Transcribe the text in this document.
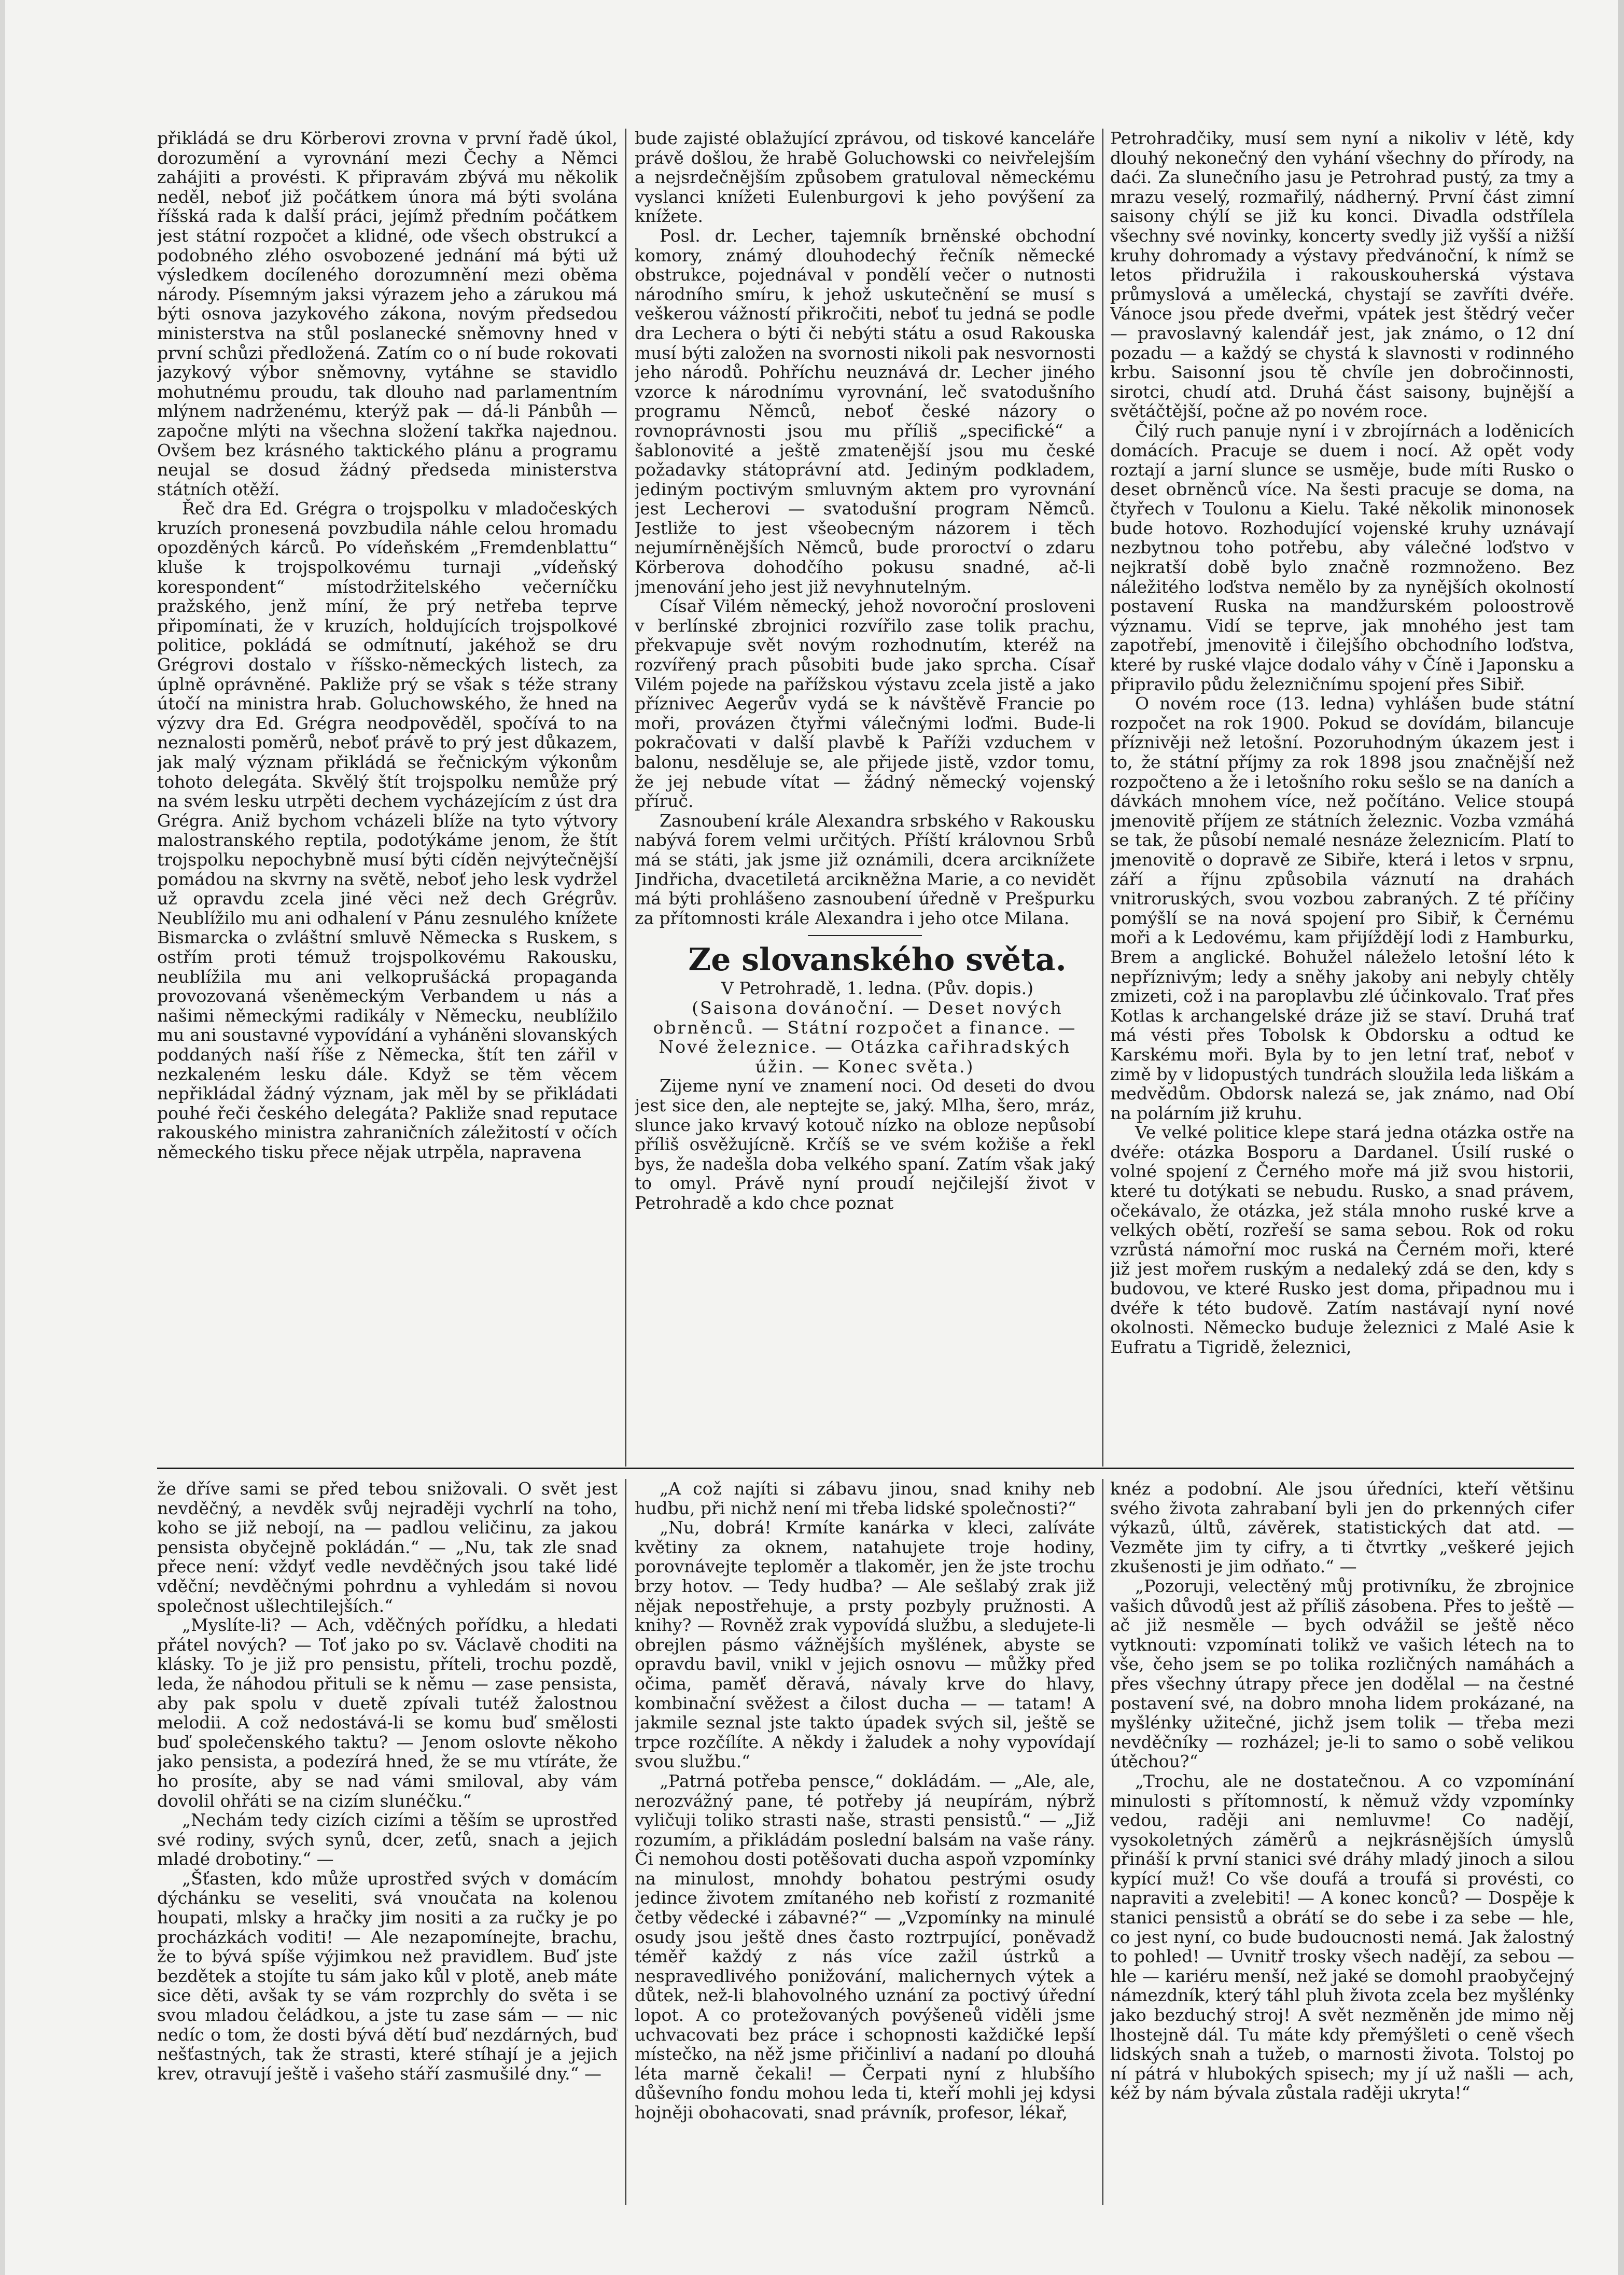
přikládá se dru Körberovi zrovna v první řadě úkol, dorozumění a vyrovnání mezi Čechy a Němci zahájiti a provésti. K připravám zbývá mu několik neděl, neboť již počátkem února má býti svolána říšská rada k další práci, jejímž předním počátkem jest státní rozpočet a klidné, ode všech obstrukcí a podobného zlého osvobozené jednání má býti už výsledkem docíleného dorozumnění mezi oběma národy. Písemným jaksi výrazem jeho a zárukou má býti osnova jazykového zákona, novým předsedou ministerstva na stůl poslanecké sněmovny hned v první schůzi předložená. Zatím co o ní bude rokovati jazykový výbor sněmovny, vytáhne se stavidlo mohutnému proudu, tak dlouho nad parlamentním mlýnem nadrženému, kterýž pak — dá-li Pánbůh — započne mlýti na všechna složení takřka najednou. Ovšem bez krásného taktického plánu a programu neujal se dosud žádný předseda ministerstva státních otěží.

Řeč dra Ed. Grégra o trojspolku v mladočeských kruzích pronesená povzbudila náhle celou hromadu opozděných kárců. Po vídeňském „Fremdenblattu“ kluše k trojspolkovému turnaji „vídeňský korespondent“ místodržitelského večerníčku pražského, jenž míní, že prý netřeba teprve připomínati, že v kruzích, holdujících trojspolkové politice, pokládá se odmítnutí, jakéhož se dru Grégrovi dostalo v říšsko-německých listech, za úplně oprávněné. Pakliže prý se však s téže strany útočí na ministra hrab. Goluchowského, že hned na výzvy dra Ed. Grégra neodpověděl, spočívá to na neznalosti poměrů, neboť právě to prý jest důkazem, jak malý význam přikládá se řečnickým výkonům tohoto delegáta. Skvělý štít trojspolku nemůže prý na svém lesku utrpěti dechem vycházejícím z úst dra Grégra. Aniž bychom vcházeli blíže na tyto výtvory malostranského reptila, podotýkáme jenom, že štít trojspolku nepochybně musí býti cíděn nejvýtečnější pomádou na skvrny na světě, neboť jeho lesk vydržel už opravdu zcela jiné věci než dech Grégrův. Neublížilo mu ani odhalení v Pánu zesnulého knížete Bismarcka o zvláštní smluvě Německa s Ruskem, s ostřím proti témuž trojspolkovému Rakousku, neublížila mu ani velkoprušácká propaganda provozovaná všeněmeckým Verbandem u nás a našimi německými radikály v Německu, neublížilo mu ani soustavné vypovídání a vyháněni slovanských poddaných naší říše z Německa, štít ten zářil v nezkaleném lesku dále. Když se těm věcem nepřikládal žádný význam, jak měl by se přikládati pouhé řeči českého delegáta? Pakliže snad reputace rakouského ministra zahraničních záležitostí v očích německého tisku přece nějak utrpěla, napravena

bude zajisté oblažující zprávou, od tiskové kanceláře právě došlou, že hrabě Goluchowski co neivřelejším a nejsrdečnějším způsobem gratuloval německému vyslanci knížeti Eulenburgovi k jeho povýšení za knížete.

Posl. dr. Lecher, tajemník brněnské obchodní komory, známý dlouhodechý řečník německé obstrukce, pojednával v pondělí večer o nutnosti národního smíru, k jehož uskutečnění se musí s veškerou vážností přikročiti, neboť tu jedná se podle dra Lechera o býti či nebýti státu a osud Rakouska musí býti založen na svornosti nikoli pak nesvornosti jeho národů. Pohříchu neuznává dr. Lecher jiného vzorce k národnímu vyrovnání, leč svatodušního programu Němců, neboť české názory o rovnoprávnosti jsou mu příliš „specifické“ a šablonovité a ještě zmatenější jsou mu české požadavky státoprávní atd. Jediným podkladem, jediným poctivým smluvným aktem pro vyrovnání jest Lecherovi — svatodušní program Němců. Jestliže to jest všeobecným názorem i těch nejumírněnějších Němců, bude proroctví o zdaru Körberova dohodčího pokusu snadné, ač-li jmenování jeho jest již nevyhnutelným.

Císař Vilém německý, jehož novoroční prosloveni v berlínské zbrojnici rozvířilo zase tolik prachu, překvapuje svět novým rozhodnutím, kteréž na rozvířený prach působiti bude jako sprcha. Císař Vilém pojede na pařížskou výstavu zcela jistě a jako příznivec Aegerův vydá se k návštěvě Francie po moři, provázen čtyřmi válečnými loďmi. Bude-li pokračovati v další plavbě k Paříži vzduchem v balonu, nesděluje se, ale přijede jistě, vzdor tomu, že jej nebude vítat — žádný německý vojenský příruč.

Zasnoubení krále Alexandra srbského v Rakousku nabývá forem velmi určitých. Příští královnou Srbů má se státi, jak jsme již oznámili, dcera arciknížete Jindřicha, dvacetiletá arcikněžna Marie, a co nevidět má býti prohlášeno zasnoubení úředně v Prešpurku za přítomnosti krále Alexandra i jeho otce Milana.

Ze slovanského světa.

V Petrohradě, 1. ledna. (Pův. dopis.)

(Saisona dovánoční. — Deset nových obrněnců. — Státní rozpočet a finance. — Nové železnice. — Otázka cařihradských úžin. — Konec světa.)

Zijeme nyní ve znamení noci. Od deseti do dvou jest sice den, ale neptejte se, jaký. Mlha, šero, mráz, slunce jako krvavý kotouč nízko na obloze nepůsobí příliš osvěžujícně. Krčíš se ve svém kožiše a řekl bys, že nadešla doba velkého spaní. Zatím však jaký to omyl. Právě nyní proudí nejčilejší život v Petrohradě a kdo chce poznat

Petrohradčiky, musí sem nyní a nikoliv v létě, kdy dlouhý nekonečný den vyhání všechny do přírody, na daći. Za slunečního jasu je Petrohrad pustý, za tmy a mrazu veselý, rozmařilý, nádherný. První část zimní saisony chýlí se již ku konci. Divadla odstřílela všechny své novinky, koncerty svedly již vyšší a nižší kruhy dohromady a výstavy předvánoční, k nímž se letos přidružila i rakouskouherská výstava průmyslová a umělecká, chystají se zavříti dvéře. Vánoce jsou přede dveřmi, vpátek jest štědrý večer — pravoslavný kalendář jest, jak známo, o 12 dní pozadu — a každý se chystá k slavnosti v rodinného krbu. Saisonní jsou tě chvíle jen dobročinnosti, sirotci, chudí atd. Druhá část saisony, bujnější a světáčtější, počne až po novém roce.

Čilý ruch panuje nyní i v zbrojírnách a loděnicích domácích. Pracuje se duem i nocí. Až opět vody roztají a jarní slunce se usměje, bude míti Rusko o deset obrněnců více. Na šesti pracuje se doma, na čtyřech v Toulonu a Kielu. Také několik minonosek bude hotovo. Rozhodující vojenské kruhy uznávají nezbytnou toho potřebu, aby válečné loďstvo v nejkratší době bylo značně rozmnoženo. Bez náležitého loďstva nemělo by za nynějších okolností postavení Ruska na mandžurském poloostrově významu. Vidí se teprve, jak mnohého jest tam zapotřebí, jmenovitě i čilejšího obchodního loďstva, které by ruské vlajce dodalo váhy v Číně i Japonsku a připravilo půdu železničnímu spojení přes Sibiř.

O novém roce (13. ledna) vyhlášen bude státní rozpočet na rok 1900. Pokud se dovídám, bilancuje příznivěji než letošní. Pozoruhodným úkazem jest i to, že státní příjmy za rok 1898 jsou značnější než rozpočteno a že i letošního roku sešlo se na daních a dávkách mnohem více, než počítáno. Velice stoupá jmenovitě příjem ze státních železnic. Vozba vzmáhá se tak, že působí nemalé nesnáze železnicím. Platí to jmenovitě o dopravě ze Sibiře, která i letos v srpnu, září a říjnu způsobila váznutí na drahách vnitroruských, svou vozbou zabraných. Z té příčiny pomýšlí se na nová spojení pro Sibiř, k Černému moři a k Ledovému, kam přijíždějí lodi z Hamburku, Brem a anglické. Bohužel náleželo letošní léto k nepříznivým; ledy a sněhy jakoby ani nebyly chtěly zmizeti, což i na paroplavbu zlé účinkovalo. Trať přes Kotlas k archangelské dráze již se staví. Druhá trať má vésti přes Tobolsk k Obdorsku a odtud ke Karskému moři. Byla by to jen letní trať, neboť v zimě by v lidopustých tundrách sloužila leda liškám a medvědům. Obdorsk nalezá se, jak známo, nad Obí na polárním již kruhu.

Ve velké politice klepe stará jedna otázka ostře na dvéře: otázka Bosporu a Dardanel. Úsilí ruské o volné spojení z Černého moře má již svou historii, které tu dotýkati se nebudu. Rusko, a snad právem, očekávalo, že otázka, jež stála mnoho ruské krve a velkých obětí, rozřeší se sama sebou. Rok od roku vzrůstá námořní moc ruská na Černém moři, které již jest mořem ruským a nedaleký zdá se den, kdy s budovou, ve které Rusko jest doma, připadnou mu i dvéře k této budově. Zatím nastávají nyní nové okolnosti. Německo buduje železnici z Malé Asie k Eufratu a Tigridě, železnici,

že dříve sami se před tebou snižovali. O svět jest nevděčný, a nevděk svůj nejraději vychrlí na toho, koho se již nebojí, na — padlou veličinu, za jakou pensista obyčejně pokládán.“ — „Nu, tak zle snad přece není: vždyť vedle nevděčných jsou také lidé vděční; nevděčnými pohrdnu a vyhledám si novou společnost ušlechtilejších.“

„Myslíte-li? — Ach, vděčných pořídku, a hledati přátel nových? — Toť jako po sv. Václavě choditi na klásky. To je již pro pensistu, příteli, trochu pozdě, leda, že náhodou přituli se k němu — zase pensista, aby pak spolu v duetě zpívali tutéž žalostnou melodii. A což nedostává-li se komu buď smělosti buď společenského taktu? — Jenom oslovte někoho jako pensista, a podezírá hned, že se mu vtíráte, že ho prosíte, aby se nad vámi smiloval, aby vám dovolil ohřáti se na cizím slunéčku.“

„Nechám tedy cizích cizími a těším se uprostřed své rodiny, svých synů, dcer, zeťů, snach a jejich mladé drobotiny.“ —

„Šťasten, kdo může uprostřed svých v domácím dýchánku se veseliti, svá vnoučata na kolenou houpati, mlsky a hračky jim nositi a za ručky je po procházkách voditi! — Ale nezapomínejte, brachu, že to bývá spíše výjimkou než pravidlem. Buď jste bezdětek a stojíte tu sám jako kůl v plotě, aneb máte sice děti, avšak ty se vám rozprchly do světa i se svou mladou čeládkou, a jste tu zase sám — — nic nedíc o tom, že dosti bývá dětí buď nezdárných, buď nešťastných, tak že strasti, které stíhají je a jejich krev, otravují ještě i vašeho stáří zasmušilé dny.“ —

„A což najíti si zábavu jinou, snad knihy neb hudbu, při nichž není mi třeba lidské společnosti?“

„Nu, dobrá! Krmíte kanárka v kleci, zalíváte květiny za oknem, natahujete troje hodiny, porovnávejte teploměr a tlakoměr, jen že jste trochu brzy hotov. — Tedy hudba? — Ale sešlabý zrak již nějak nepostřehuje, a prsty pozbyly pružnosti. A knihy? — Rovněž zrak vypovídá službu, a sledujete-li obrejlen pásmo vážnějších myšlének, abyste se opravdu bavil, vnikl v jejich osnovu — můžky před očima, paměť děravá, návaly krve do hlavy, kombinační svěžest a čilost ducha — — tatam! A jakmile seznal jste takto úpadek svých sil, ještě se trpce rozčílíte. A někdy i žaludek a nohy vypovídají svou službu.“

„Patrná potřeba pensce,“ dokládám. — „Ale, ale, nerozvážný pane, té potřeby já neupírám, nýbrž vyličuji toliko strasti naše, strasti pensistů.“ — „Již rozumím, a přikládám poslední balsám na vaše rány. Či nemohou dosti potěšovati ducha aspoň vzpomínky na minulost, mnohdy bohatou pestrými osudy jedince životem zmítaného neb kořistí z rozmanité četby vědecké i zábavné?“ — „Vzpomínky na minulé osudy jsou ještě dnes často roztrpující, poněvadž téměř každý z nás více zažil ústrků a nespravedlivého ponižování, malichernych výtek a důtek, než-li blahovolného uznání za poctivý úřední lopot. A co protežovaných povýšeneů viděli jsme uchvacovati bez práce i schopnosti každičké lepší místečko, na něž jsme přičinliví a nadaní po dlouhá léta marně čekali! — Čerpati nyní z hlubšího důševního fondu mohou leda ti, kteří mohli jej kdysi hojněji obohacovati, snad právník, profesor, lékař,

knéz a podobní. Ale jsou úředníci, kteří většinu svého života zahrabaní byli jen do prkenných cifer výkazů, últů, závěrek, statistických dat atd. — Vezměte jim ty cifry, a ti čtvrtky „veškeré jejich zkušenosti je jim odňato.“ —

„Pozoruji, velectěný můj protivníku, že zbrojnice vašich důvodů jest až příliš zásobena. Přes to ještě — ač již nesměle — bych odvážil se ještě něco vytknouti: vzpomínati tolikž ve vašich létech na to vše, čeho jsem se po tolika rozličných namáhách a přes všechny útrapy přece jen dodělal — na čestné postavení své, na dobro mnoha lidem prokázané, na myšlénky užitečné, jichž jsem tolik — třeba mezi nevděčníky — rozházel; je-li to samo o sobě velikou útěchou?“

„Trochu, ale ne dostatečnou. A co vzpomínání minulosti s přítomností, k němuž vždy vzpomínky vedou, raději ani nemluvme! Co nadějí, vysokoletných záměrů a nejkrásnějších úmyslů přináší k první stanici své dráhy mladý jinoch a silou kypící muž! Co vše doufá a troufá si provésti, co napraviti a zvelebiti! — A konec konců? — Dospěje k stanici pensistů a obrátí se do sebe i za sebe — hle, co jest nyní, co bude budoucnosti nemá. Jak žalostný to pohled! — Uvnitř trosky všech nadějí, za sebou — hle — kariéru menší, než jaké se domohl praobyčejný námezdník, který táhl pluh života zcela bez myšlénky jako bezduchý stroj! A svět nezměněn jde mimo něj lhostejně dál. Tu máte kdy přemýšleti o ceně všech lidských snah a tužeb, o marnosti života. Tolstoj po ní pátrá v hlubokých spisech; my jí už našli — ach, kéž by nám bývala zůstala raději ukryta!“
